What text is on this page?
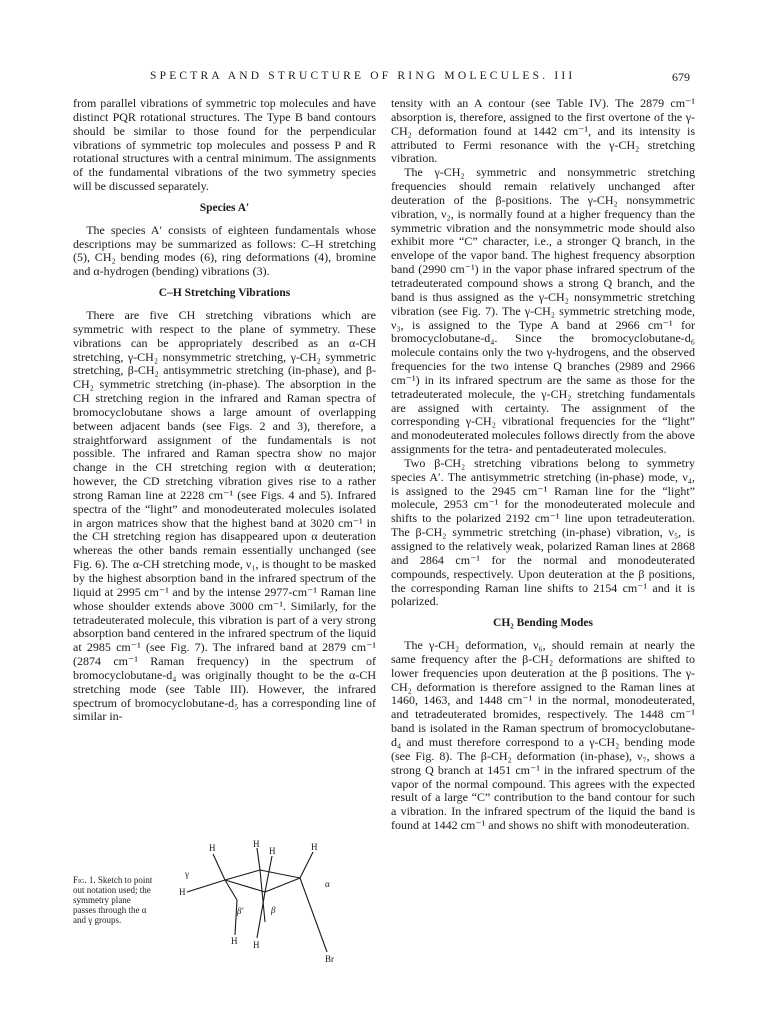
SPECTRA AND STRUCTURE OF RING MOLECULES. III	679

from parallel vibrations of symmetric top molecules and have distinct PQR rotational structures. The Type B band contours should be similar to those found for the perpendicular vibrations of symmetric top molecules and possess P and R rotational structures with a central minimum. The assignments of the fundamental vibrations of the two symmetry species will be discussed separately.

Species A′

The species A′ consists of eighteen fundamentals whose descriptions may be summarized as follows: C–H stretching (5), CH₂ bending modes (6), ring deformations (4), bromine and α-hydrogen (bending) vibrations (3).

C–H Stretching Vibrations

There are five CH stretching vibrations which are symmetric with respect to the plane of symmetry. These vibrations can be appropriately described as an α-CH stretching, γ-CH₂ nonsymmetric stretching, γ-CH₂ symmetric stretching, β-CH₂ antisymmetric stretching (in-phase), and β-CH₂ symmetric stretching (in-phase). The absorption in the CH stretching region in the infrared and Raman spectra of bromocyclobutane shows a large amount of overlapping between adjacent bands (see Figs. 2 and 3), therefore, a straightforward assignment of the fundamentals is not possible. The infrared and Raman spectra show no major change in the CH stretching region with α deuteration; however, the CD stretching vibration gives rise to a rather strong Raman line at 2228 cm⁻¹ (see Figs. 4 and 5). Infrared spectra of the “light” and monodeuterated molecules isolated in argon matrices show that the highest band at 3020 cm⁻¹ in the CH stretching region has disappeared upon α deuteration whereas the other bands remain essentially unchanged (see Fig. 6). The α-CH stretching mode, ν₁, is thought to be masked by the highest absorption band in the infrared spectrum of the liquid at 2995 cm⁻¹ and by the intense 2977-cm⁻¹ Raman line whose shoulder extends above 3000 cm⁻¹. Similarly, for the tetradeuterated molecule, this vibration is part of a very strong absorption band centered in the infrared spectrum of the liquid at 2985 cm⁻¹ (see Fig. 7). The infrared band at 2879 cm⁻¹ (2874 cm⁻¹ Raman frequency) in the spectrum of bromocyclobutane-d₄ was originally thought to be the α-CH stretching mode (see Table III). However, the infrared spectrum of bromocyclobutane-d₅ has a corresponding line of similar in-

tensity with an A contour (see Table IV). The 2879 cm⁻¹ absorption is, therefore, assigned to the first overtone of the γ-CH₂ deformation found at 1442 cm⁻¹, and its intensity is attributed to Fermi resonance with the γ-CH₂ stretching vibration.

The γ-CH₂ symmetric and nonsymmetric stretching frequencies should remain relatively unchanged after deuteration of the β-positions. The γ-CH₂ nonsymmetric vibration, ν₂, is normally found at a higher frequency than the symmetric vibration and the nonsymmetric mode should also exhibit more “C” character, i.e., a stronger Q branch, in the envelope of the vapor band. The highest frequency absorption band (2990 cm⁻¹) in the vapor phase infrared spectrum of the tetradeuterated compound shows a strong Q branch, and the band is thus assigned as the γ-CH₂ nonsymmetric stretching vibration (see Fig. 7). The γ-CH₂ symmetric stretching mode, ν₃, is assigned to the Type A band at 2966 cm⁻¹ for bromocyclobutane-d₄. Since the bromocyclobutane-d₆ molecule contains only the two γ-hydrogens, and the observed frequencies for the two intense Q branches (2989 and 2966 cm⁻¹) in its infrared spectrum are the same as those for the tetradeuterated molecule, the γ-CH₂ stretching fundamentals are assigned with certainty. The assignment of the corresponding γ-CH₂ vibrational frequencies for the “light” and monodeuterated molecules follows directly from the above assignments for the tetra- and pentadeuterated molecules.

Two β-CH₂ stretching vibrations belong to symmetry species A′. The antisymmetric stretching (in-phase) mode, ν₄, is assigned to the 2945 cm⁻¹ Raman line for the “light” molecule, 2953 cm⁻¹ for the monodeuterated molecule and shifts to the polarized 2192 cm⁻¹ line upon tetradeuteration. The β-CH₂ symmetric stretching (in-phase) vibration, ν₅, is assigned to the relatively weak, polarized Raman lines at 2868 and 2864 cm⁻¹ for the normal and monodeuterated compounds, respectively. Upon deuteration at the β positions, the corresponding Raman line shifts to 2154 cm⁻¹ and it is polarized.

CH₂ Bending Modes

The γ-CH₂ deformation, ν₆, should remain at nearly the same frequency after the β-CH₂ deformations are shifted to lower frequencies upon deuteration at the β positions. The γ-CH₂ deformation is therefore assigned to the Raman lines at 1460, 1463, and 1448 cm⁻¹ in the normal, monodeuterated, and tetradeuterated bromides, respectively. The 1448 cm⁻¹ band is isolated in the Raman spectrum of bromocyclobutane-d₄ and must therefore correspond to a γ-CH₂ bending mode (see Fig. 8). The β-CH₂ deformation (in-phase), ν₇, shows a strong Q branch at 1451 cm⁻¹ in the infrared spectrum of the vapor of the normal compound. This agrees with the expected result of a large “C” contribution to the band contour for such a vibration. In the infrared spectrum of the liquid the band is found at 1442 cm⁻¹ and shows no shift with monodeuteration.

Fig. 1. Sketch to point out notation used; the symmetry plane passes through the α and γ groups.
H	H
H	H
H
H H
γ
α
β
β′
Br
